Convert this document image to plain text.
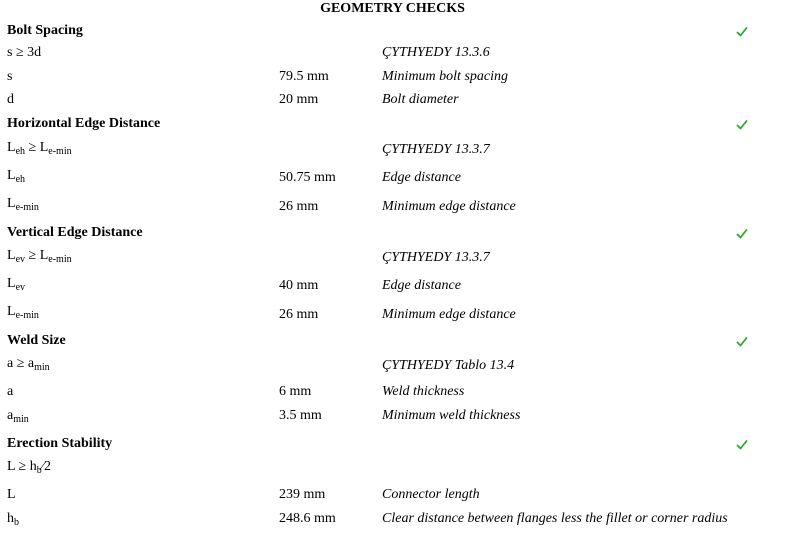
GEOMETRY CHECKS
Bolt Spacing
s ≥ 3d	ÇYTHYEDY 13.3.6
s	79.5 mm	Minimum bolt spacing
d	20 mm	Bolt diameter
Horizontal Edge Distance
$L_{eh} \ge L_{e-min}$	ÇYTHYEDY 13.3.7
$L_{eh}$	50.75 mm	Edge distance
$L_{e-min}$	26 mm	Minimum edge distance
Vertical Edge Distance
$L_{ev} \ge L_{e-min}$	ÇYTHYEDY 13.3.7
$L_{ev}$	40 mm	Edge distance
$L_{e-min}$	26 mm	Minimum edge distance
Weld Size
$a \ge a_{min}$	ÇYTHYEDY Tablo 13.4
a	6 mm	Weld thickness
$a_{min}$	3.5 mm	Minimum weld thickness
Erection Stability
$L \ge h_b⁄2$
L	239 mm	Connector length
$h_b$	248.6 mm	Clear distance between flanges less the fillet or corner radius
